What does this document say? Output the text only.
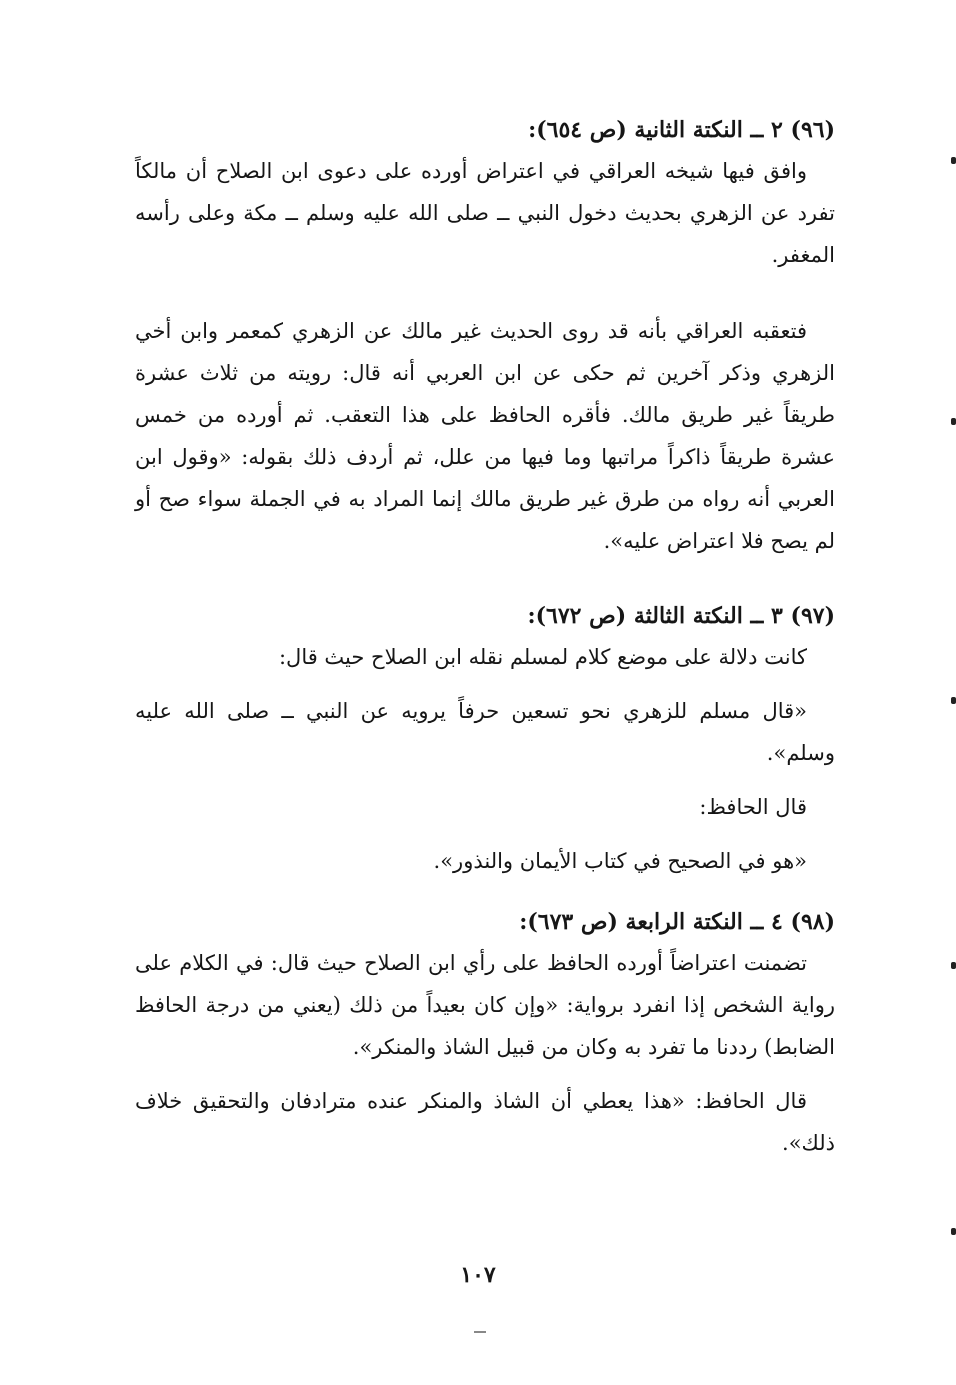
(٩٦) ٢ ــ النكتة الثانية (ص ٦٥٤):

وافق فيها شيخه العراقي في اعتراض أورده على دعوى ابن الصلاح أن مالكاً تفرد عن الزهري بحديث دخول النبي ــ صلى الله عليه وسلم ــ مكة وعلى رأسه المغفر.

فتعقبه العراقي بأنه قد روى الحديث غير مالك عن الزهري كمعمر وابن أخي الزهري وذكر آخرين ثم حكى عن ابن العربي أنه قال: رويته من ثلاث عشرة طريقاً غير طريق مالك. فأقره الحافظ على هذا التعقب. ثم أورده من خمس عشرة طريقاً ذاكراً مراتبها وما فيها من علل، ثم أردف ذلك بقوله: «وقول ابن العربي أنه رواه من طرق غير طريق مالك إنما المراد به في الجملة سواء صح أو لم يصح فلا اعتراض عليه».

(٩٧) ٣ ــ النكتة الثالثة (ص ٦٧٢):

كانت دلالة على موضع كلام لمسلم نقله ابن الصلاح حيث قال:

«قال مسلم للزهري نحو تسعين حرفاً يرويه عن النبي ــ صلى الله عليه وسلم».

قال الحافظ:

«هو في الصحيح في كتاب الأيمان والنذور».

(٩٨) ٤ ــ النكتة الرابعة (ص ٦٧٣):

تضمنت اعتراضاً أورده الحافظ على رأي ابن الصلاح حيث قال: في الكلام على رواية الشخص إذا انفرد برواية: «وإن كان بعيداً من ذلك (يعني من درجة الحافظ الضابط) رددنا ما تفرد به وكان من قبيل الشاذ والمنكر».

قال الحافظ: «هذا يعطي أن الشاذ والمنكر عنده مترادفان والتحقيق خلاف ذلك».

١٠٧
